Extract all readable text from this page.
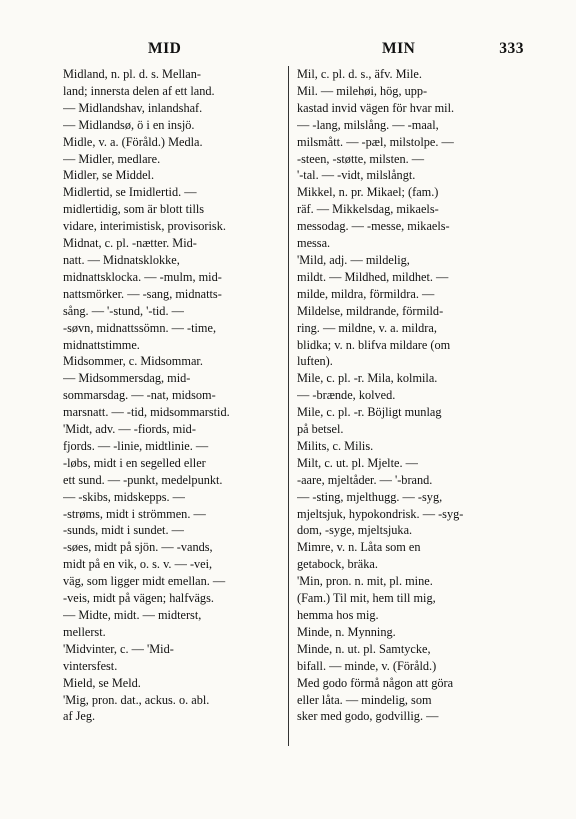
MID	MIN	333
Midland, n. pl. d. s. Mellan-
land; innersta delen af ett land.
— Midlandshav, inlandshaf.
— Midlandsø, ö i en insjö.
Midle, v. a. (Föråld.) Medla.
— Midler, medlare.
Midler, se Middel.
Midlertid, se Imidlertid. —
midlertidig, som är blott tills
vidare, interimistisk, provisorisk.
Midnat, c. pl. -nætter. Mid-
natt. — Midnatsklokke,
midnattsklocka. — -mulm, mid-
nattsmörker. — -sang, midnatts-
sång. — '-stund, '-tid. —
-søvn, midnattssömn. — -time,
midnattstimme.
Midsommer, c. Midsommar.
— Midsommersdag, mid-
sommarsdag. — -nat, midsom-
marsnatt. — -tid, midsommarstid.
'Midt, adv. — -fiords, mid-
fjords. — -linie, midtlinie. —
-løbs, midt i en segelled eller
ett sund. — -punkt, medelpunkt.
— -skibs, midskepps. —
-strøms, midt i strömmen. —
-sunds, midt i sundet. —
-søes, midt på sjön. — -vands,
midt på en vik, o. s. v. — -vei,
väg, som ligger midt emellan. —
-veis, midt på vägen; halfvägs.
— Midte, midt. — midterst,
mellerst.
'Midvinter, c. — 'Mid-
vintersfest.
Mield, se Meld.
'Mig, pron. dat., ackus. o. abl.
af Jeg.
Mil, c. pl. d. s., äfv. Mile.
Mil. — milehøi, hög, upp-
kastad invid vägen för hvar mil.
— -lang, milslång. — -maal,
milsmått. — -pæl, milstolpe. —
-steen, -støtte, milsten. —
'-tal. — -vidt, milslångt.
Mikkel, n. pr. Mikael; (fam.)
räf. — Mikkelsdag, mikaels-
messodag. — -messe, mikaels-
messa.
'Mild, adj. — mildelig,
mildt. — Mildhed, mildhet. —
milde, mildra, förmildra. —
Mildelse, mildrande, förmild-
ring. — mildne, v. a. mildra,
blidka; v. n. blifva mildare (om
luften).
Mile, c. pl. -r. Mila, kolmila.
— -brænde, kolved.
Mile, c. pl. -r. Böjligt munlag
på betsel.
Milits, c. Milis.
Milt, c. ut. pl. Mjelte. —
-aare, mjeltåder. — '-brand.
— -sting, mjelthugg. — -syg,
mjeltsjuk, hypokondrisk. — -syg-
dom, -syge, mjeltsjuka.
Mimre, v. n. Låta som en
getabock, bräka.
'Min, pron. n. mit, pl. mine.
(Fam.) Til mit, hem till mig,
hemma hos mig.
Minde, n. Mynning.
Minde, n. ut. pl. Samtycke,
bifall. — minde, v. (Föråld.)
Med godo förmå någon att göra
eller låta. — mindelig, som
sker med godo, godvillig. —
